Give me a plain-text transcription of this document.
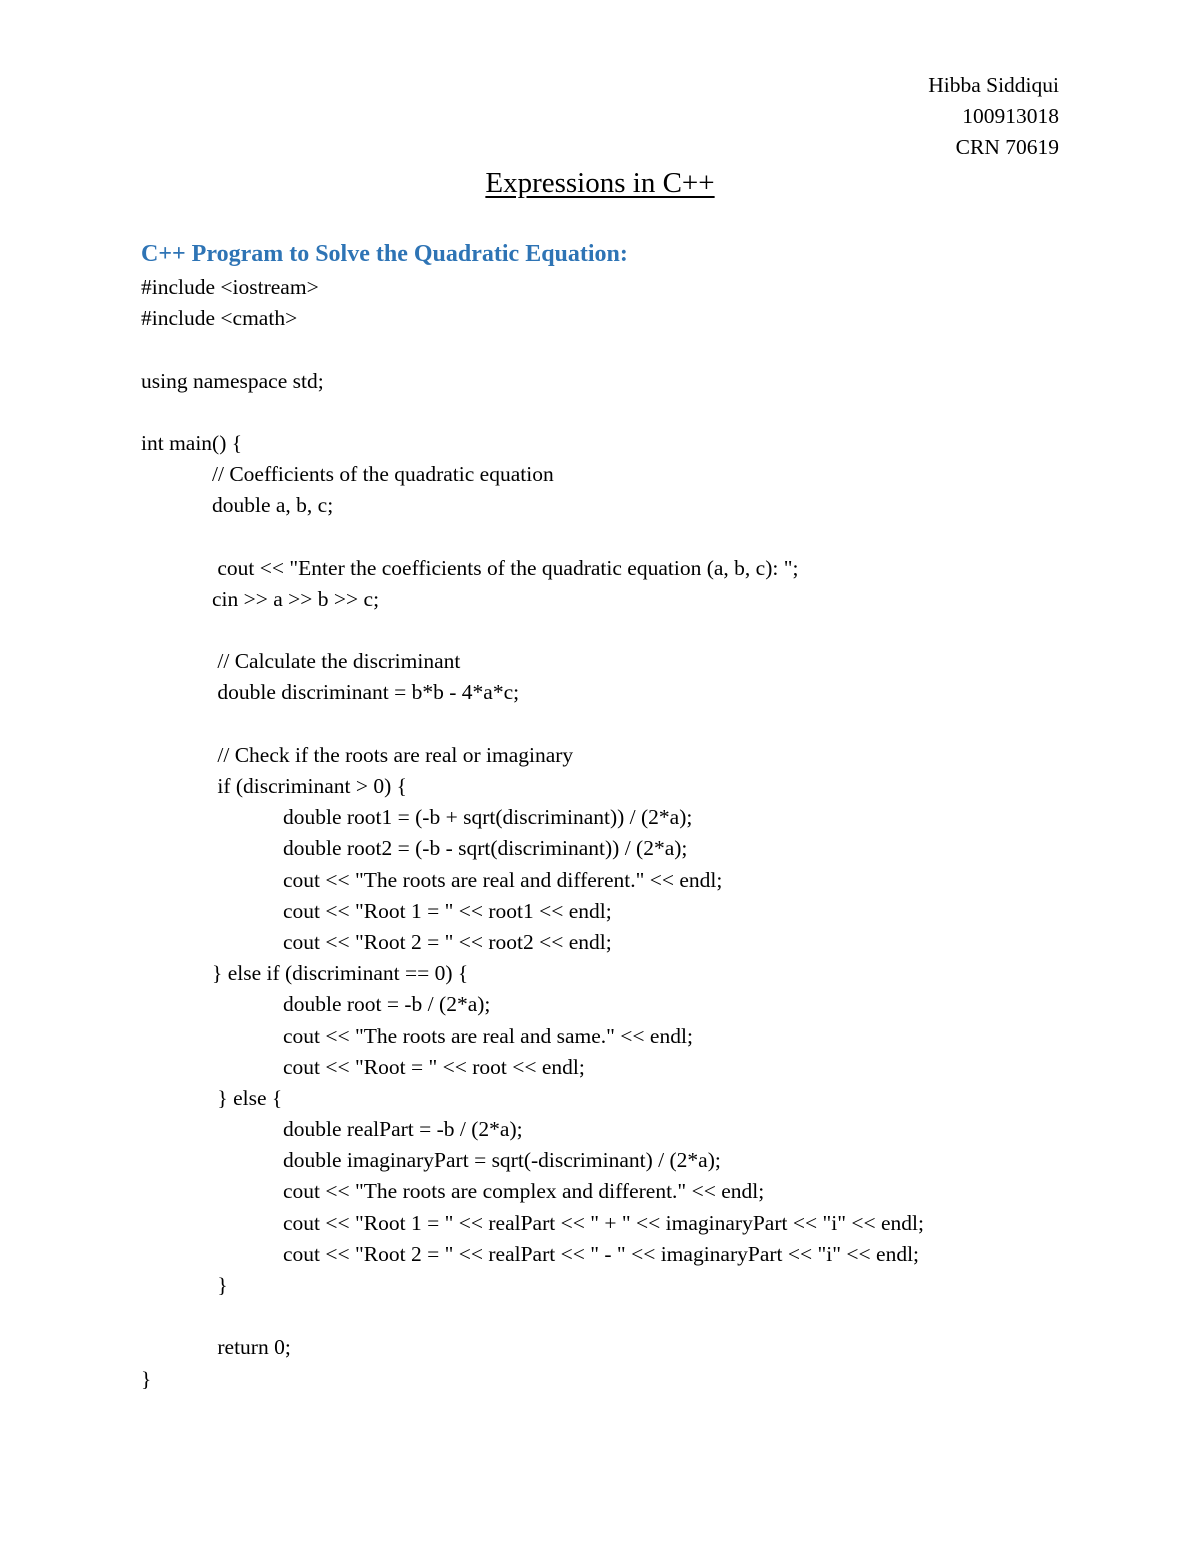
Hibba Siddiqui
100913018
CRN 70619
Expressions in C++
C++ Program to Solve the Quadratic Equation:
#include <iostream>
#include <cmath>
using namespace std;
int main() {
// Coefficients of the quadratic equation
double a, b, c;
cout << "Enter the coefficients of the quadratic equation (a, b, c): ";
cin >> a >> b >> c;
// Calculate the discriminant
double discriminant = b*b - 4*a*c;
// Check if the roots are real or imaginary
if (discriminant > 0) {
double root1 = (-b + sqrt(discriminant)) / (2*a);
double root2 = (-b - sqrt(discriminant)) / (2*a);
cout << "The roots are real and different." << endl;
cout << "Root 1 = " << root1 << endl;
cout << "Root 2 = " << root2 << endl;
} else if (discriminant == 0) {
double root = -b / (2*a);
cout << "The roots are real and same." << endl;
cout << "Root = " << root << endl;
} else {
double realPart = -b / (2*a);
double imaginaryPart = sqrt(-discriminant) / (2*a);
cout << "The roots are complex and different." << endl;
cout << "Root 1 = " << realPart << " + " << imaginaryPart << "i" << endl;
cout << "Root 2 = " << realPart << " - " << imaginaryPart << "i" << endl;
}
return 0;
}
